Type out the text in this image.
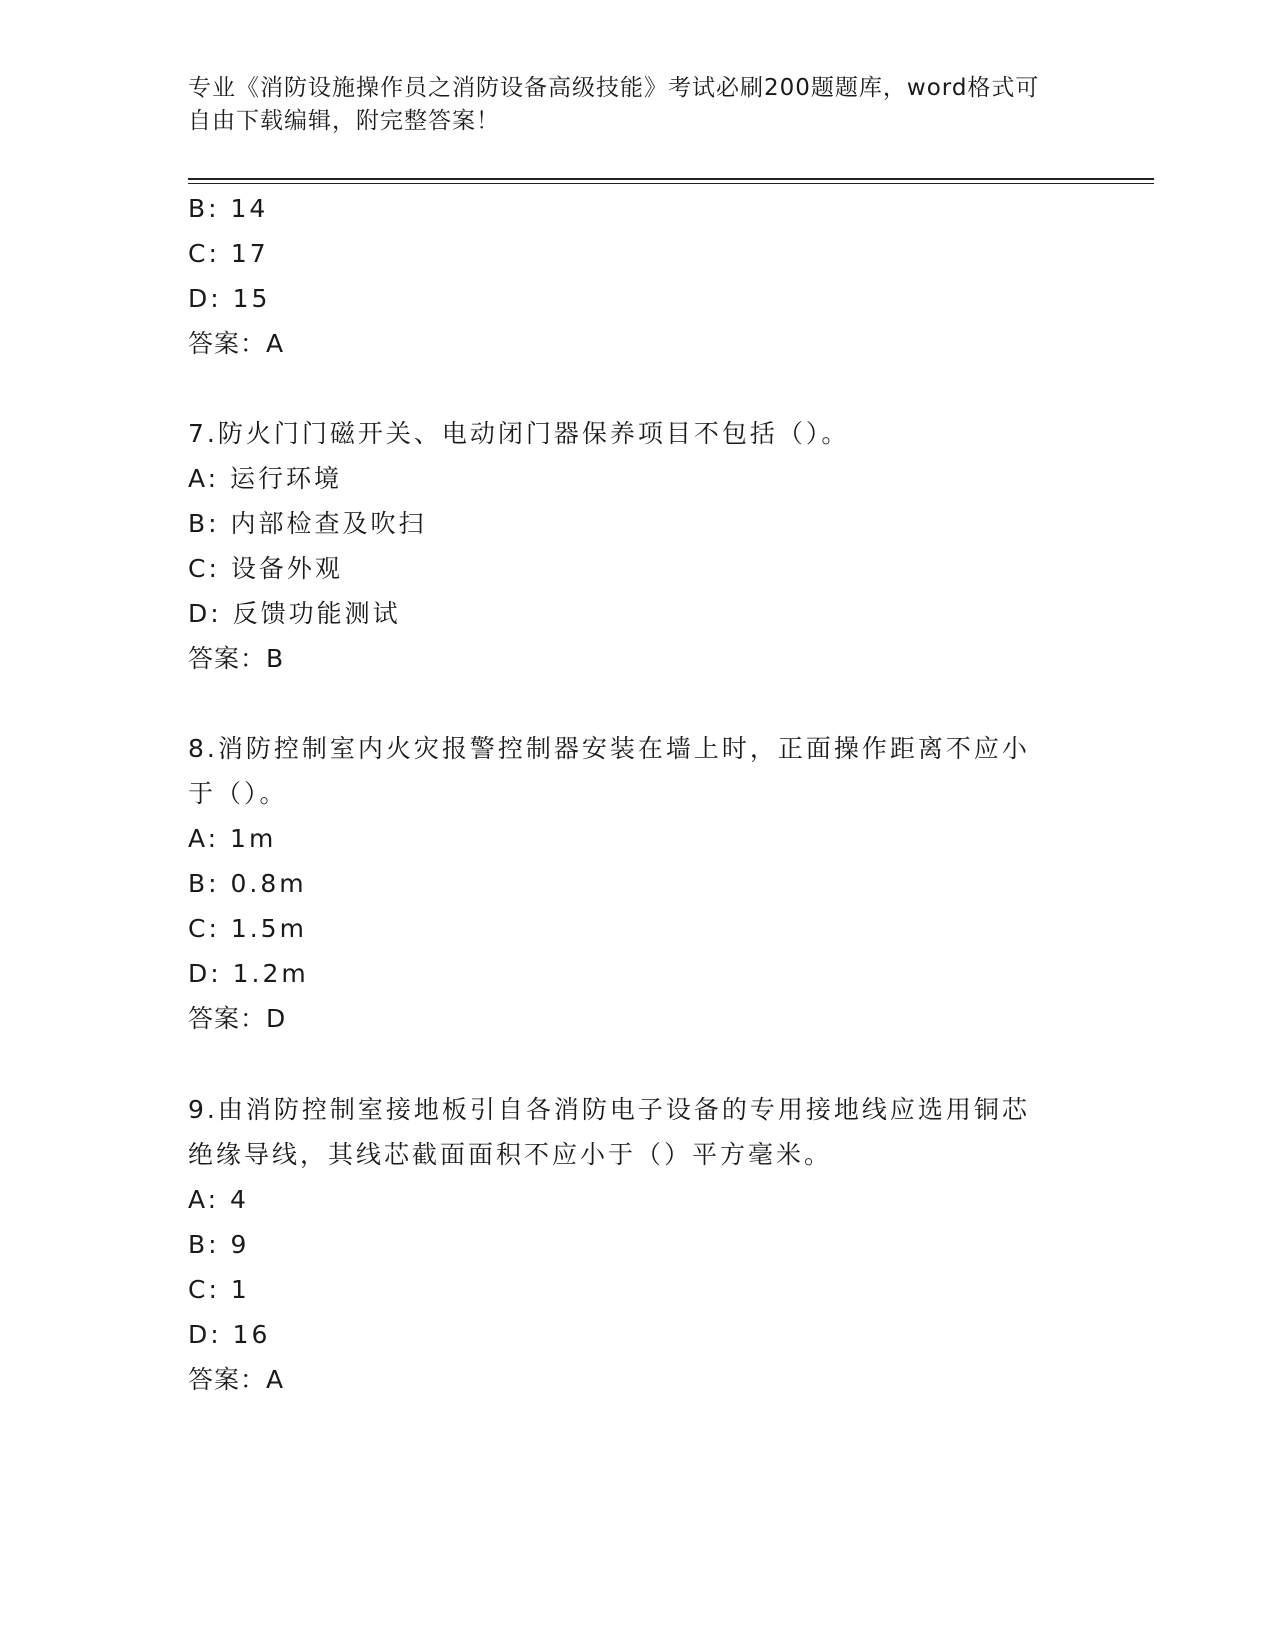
专业《消防设施操作员之消防设备高级技能》考试必刷200题题库，word格式可
自由下载编辑，附完整答案！
B: 14
C: 17
D: 15
答案：A
7.防火门门磁开关、电动闭门器保养项目不包括（）。
A: 运行环境
B: 内部检查及吹扫
C: 设备外观
D: 反馈功能测试
答案：B
8.消防控制室内火灾报警控制器安装在墙上时，正面操作距离不应小
于（）。
A: 1m
B: 0.8m
C: 1.5m
D: 1.2m
答案：D
9.由消防控制室接地板引自各消防电子设备的专用接地线应选用铜芯
绝缘导线，其线芯截面面积不应小于（）平方毫米。
A: 4
B: 9
C: 1
D: 16
答案：A
